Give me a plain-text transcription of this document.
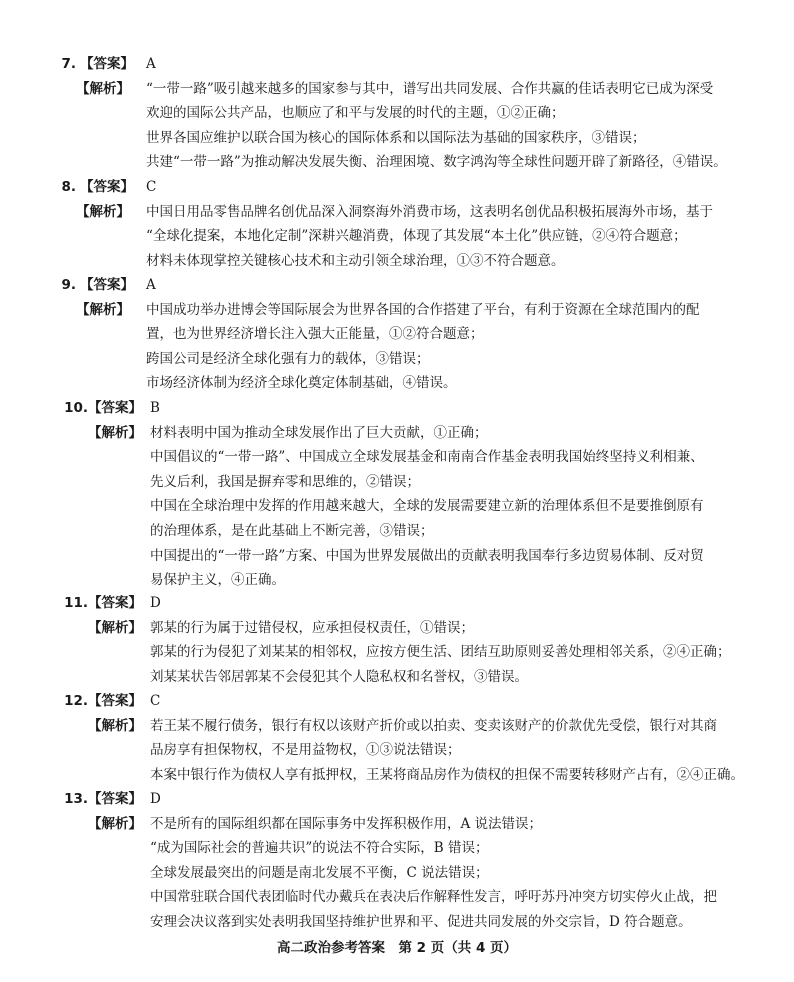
7. 【答案】 A
【解析】 “一带一路”吸引越来越多的国家参与其中，谱写出共同发展、合作共赢的佳话表明它已成为深受
欢迎的国际公共产品，也顺应了和平与发展的时代的主题，①②正确；
世界各国应维护以联合国为核心的国际体系和以国际法为基础的国家秩序，③错误；
共建“一带一路”为推动解决发展失衡、治理困境、数字鸿沟等全球性问题开辟了新路径，④错误。
8. 【答案】 C
【解析】 中国日用品零售品牌名创优品深入洞察海外消费市场，这表明名创优品积极拓展海外市场，基于
“全球化提案，本地化定制”深耕兴趣消费，体现了其发展“本土化”供应链，②④符合题意；
材料未体现掌控关键核心技术和主动引领全球治理，①③不符合题意。
9. 【答案】 A
【解析】 中国成功举办进博会等国际展会为世界各国的合作搭建了平台，有利于资源在全球范围内的配
置，也为世界经济增长注入强大正能量，①②符合题意；
跨国公司是经济全球化强有力的载体，③错误；
市场经济体制为经济全球化奠定体制基础，④错误。
10. 【答案】 B
【解析】 材料表明中国为推动全球发展作出了巨大贡献，①正确；
中国倡议的“一带一路”、中国成立全球发展基金和南南合作基金表明我国始终坚持义利相兼、
先义后利，我国是摒弃零和思维的，②错误；
中国在全球治理中发挥的作用越来越大，全球的发展需要建立新的治理体系但不是要推倒原有
的治理体系，是在此基础上不断完善，③错误；
中国提出的“一带一路”方案、中国为世界发展做出的贡献表明我国奉行多边贸易体制、反对贸
易保护主义，④正确。
11. 【答案】 D
【解析】 郭某的行为属于过错侵权，应承担侵权责任，①错误；
郭某的行为侵犯了刘某某的相邻权，应按方便生活、团结互助原则妥善处理相邻关系，②④正确；
刘某某状告邻居郭某不会侵犯其个人隐私权和名誉权，③错误。
12. 【答案】 C
【解析】 若王某不履行债务，银行有权以该财产折价或以拍卖、变卖该财产的价款优先受偿，银行对其商
品房享有担保物权，不是用益物权，①③说法错误；
本案中银行作为债权人享有抵押权，王某将商品房作为债权的担保不需要转移财产占有，②④正确。
13. 【答案】 D
【解析】 不是所有的国际组织都在国际事务中发挥积极作用，A 说法错误；
“成为国际社会的普遍共识”的说法不符合实际，B 错误；
全球发展最突出的问题是南北发展不平衡，C 说法错误；
中国常驻联合国代表团临时代办戴兵在表决后作解释性发言，呼吁苏丹冲突方切实停火止战，把
安理会决议落到实处表明我国坚持维护世界和平、促进共同发展的外交宗旨，D 符合题意。
高二政治参考答案　第 2 页（共 4 页）
